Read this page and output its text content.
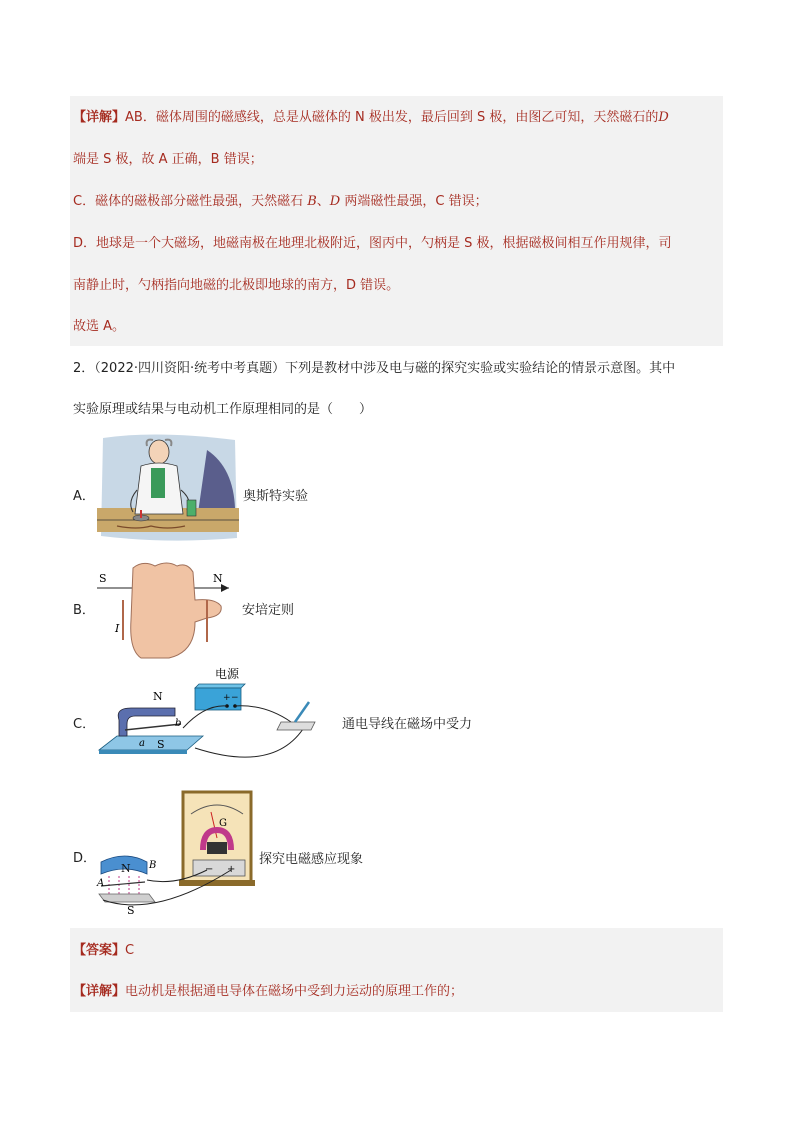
【详解】AB．磁体周围的磁感线，总是从磁体的 N 极出发，最后回到 S 极，由图乙可知，天然磁石的D
端是 S 极，故 A 正确，B 错误；
C．磁体的磁极部分磁性最强，天然磁石 B、D 两端磁性最强，C 错误；
D．地球是一个大磁场，地磁南极在地理北极附近，图丙中，勺柄是 S 极，根据磁极间相互作用规律，司
南静止时，勺柄指向地磁的北极即地球的南方，D 错误。
故选 A。
2．（2022·四川资阳·统考中考真题）下列是教材中涉及电与磁的探究实验或实验结论的情景示意图。其中
实验原理或结果与电动机工作原理相同的是（　　）
A．	奥斯特实验
B．
S	N
I
安培定则
C．
电源
+ −
N
S
a
b	通电导线在磁场中受力
D．
G
− +
N
S
A
B	探究电磁感应现象
【答案】C
【详解】电动机是根据通电导体在磁场中受到力运动的原理工作的；
